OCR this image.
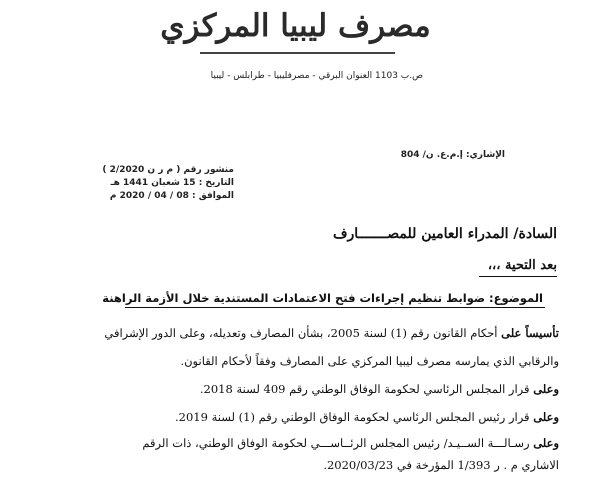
مصرف ليبيا المركزي
ص.ب 1103 العنوان البرقي - مصرفليبيا - طرابلس - ليبيا
الإشاري: إ.م.ع. ن/ 804
منشور رقم ( م ر ن 2/2020 )
التاريخ : 15 شعبان 1441 هـ
الموافق : 08 / 04 / 2020 م
السادة/ المدراء العامين للمصـــــــارف
بعد التحية ،،،
الموضوع: ضوابط تنظيم إجراءات فتح الاعتمادات المستندية خلال الأزمة الراهنة
تأسيساً على أحكام القانون رقم (1) لسنة 2005، بشأن المصارف وتعديله، وعلى الدور الإشرافي
والرقابي الذي يمارسه مصرف ليبيا المركزي على المصارف وفقاً لأحكام القانون.
وعلى قرار المجلس الرئاسي لحكومة الوفاق الوطني رقم 409 لسنة 2018.
وعلى قرار رئيس المجلس الرئاسي لحكومة الوفاق الوطني رقم (1) لسنة 2019.
وعلى رسـالـــة الســيـد/ رئيس المجلس الرئــاســـي لحكومة الوفاق الوطني، ذات الرقم
الاشاري م . ر 1/393 المؤرخة في 2020/03/23.
